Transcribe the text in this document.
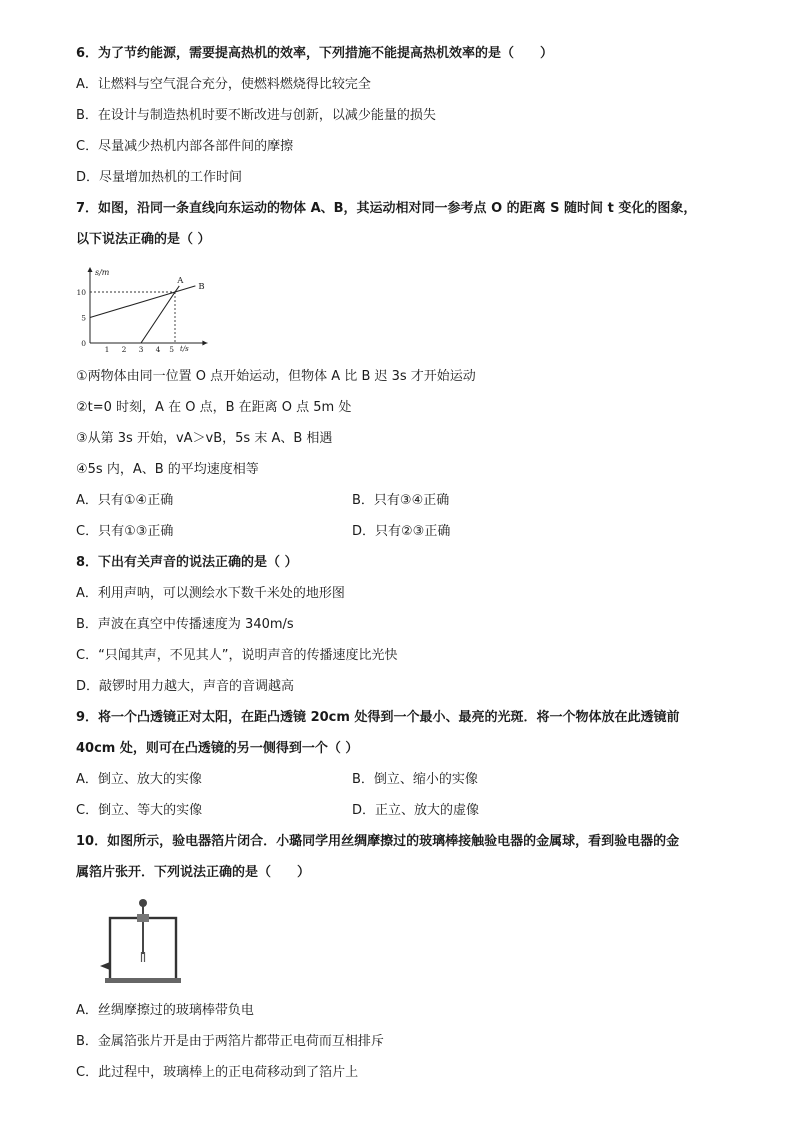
6．为了节约能源，需要提高热机的效率，下列措施不能提高热机效率的是（　　）
A．让燃料与空气混合充分，使燃料燃烧得比较完全
B．在设计与制造热机时要不断改进与创新，以减少能量的损失
C．尽量减少热机内部各部件间的摩擦
D．尽量增加热机的工作时间
7．如图，沿同一条直线向东运动的物体 A、B，其运动相对同一参考点 O 的距离 S 随时间 t 变化的图象，
以下说法正确的是（ ）
s/m
t/s
1 2 3 4 5
0
5
10
A
B
①两物体由同一位置 O 点开始运动，但物体 A 比 B 迟 3s 才开始运动
②t=0 时刻，A 在 O 点，B 在距离 O 点 5m 处
③从第 3s 开始，vA＞vB，5s 末 A、B 相遇
④5s 内，A、B 的平均速度相等
A．只有①④正确	B．只有③④正确
C．只有①③正确	D．只有②③正确
8．下出有关声音的说法正确的是（ ）
A．利用声呐，可以测绘水下数千米处的地形图
B．声波在真空中传播速度为 340m/s
C．“只闻其声，不见其人”，说明声音的传播速度比光快
D．敲锣时用力越大，声音的音调越高
9．将一个凸透镜正对太阳，在距凸透镜 20cm 处得到一个最小、最亮的光斑．将一个物体放在此透镜前
40cm 处，则可在凸透镜的另一侧得到一个（ ）
A．倒立、放大的实像	B．倒立、缩小的实像
C．倒立、等大的实像	D．正立、放大的虚像
10．如图所示，验电器箔片闭合．小璐同学用丝绸摩擦过的玻璃棒接触验电器的金属球，看到验电器的金
属箔片张开．下列说法正确的是（　　）
A．丝绸摩擦过的玻璃棒带负电
B．金属箔张片开是由于两箔片都带正电荷而互相排斥
C．此过程中，玻璃棒上的正电荷移动到了箔片上
